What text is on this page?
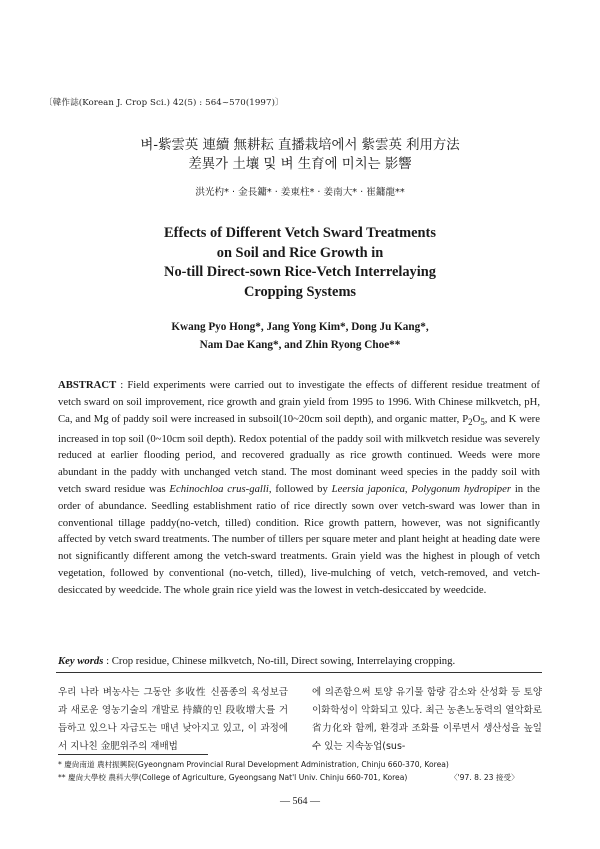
〔韓作誌(Korean J. Crop Sci.) 42(5) : 564~570(1997)〕
벼-紫雲英 連續 無耕耘 直播栽培에서 紫雲英 利用方法
差異가 土壤 및 벼 生育에 미치는 影響
洪光杓* · 金長鏞* · 姜東柱* · 姜南大* · 崔鏞龍**
Effects of Different Vetch Sward Treatments
on Soil and Rice Growth in
No-till Direct-sown Rice-Vetch Interrelaying
Cropping Systems
Kwang Pyo Hong*, Jang Yong Kim*, Dong Ju Kang*,
Nam Dae Kang*, and Zhin Ryong Choe**
ABSTRACT : Field experiments were carried out to investigate the effects of different residue treatment of vetch sward on soil improvement, rice growth and grain yield from 1995 to 1996. With Chinese milkvetch, pH, Ca, and Mg of paddy soil were increased in subsoil(10~20cm soil depth), and organic matter, $P_2O_5$, and K were increased in top soil (0~10cm soil depth). Redox potential of the paddy soil with milkvetch residue was severely reduced at earlier flooding period, and recovered gradually as rice growth continued. Weeds were more abundant in the paddy with unchanged vetch stand. The most dominant weed species in the paddy soil with vetch sward residue was Echinochloa crus-galli, followed by Leersia japonica, Polygonum hydropiper in the order of abundance. Seedling establishment ratio of rice directly sown over vetch-sward was lower than in conventional tillage paddy(no-vetch, tilled) condition. Rice growth pattern, however, was not significantly affected by vetch sward treatments. The number of tillers per square meter and plant height at heading date were not significantly different among the vetch-sward treatments. Grain yield was the highest in plough of vetch vegetation, followed by conventional (no-vetch, tilled), live-mulching of vetch, vetch-removed, and vetch-desiccated by weedcide. The whole grain rice yield was the lowest in vetch-desiccated by weedcide.
Key words : Crop residue, Chinese milkvetch, No-till, Direct sowing, Interrelaying cropping.
우리 나라 벼농사는 그동안 多收性 신품종의 육성보급과 새로운 영농기술의 개발로 持續的인 段收增大를 거듭하고 있으나 자급도는 매년 낮아지고 있고, 이 과정에서 지나친 金肥위주의 재배법
에 의존함으써 토양 유기물 함량 감소와 산성화 등 토양 이화학성이 악화되고 있다. 최근 농촌노동력의 열악화로 省力化와 함께, 환경과 조화를 이루면서 생산성을 높일 수 있는 지속농업(sus-
* 慶尙南道 農村振興院(Gyeongnam Provincial Rural Development Administration, Chinju 660-370, Korea)
** 慶尙大學校 農科大學(College of Agriculture, Gyeongsang Nat'l Univ. Chinju 660-701, Korea)	〈'97. 8. 23 接受〉
— 564 —
